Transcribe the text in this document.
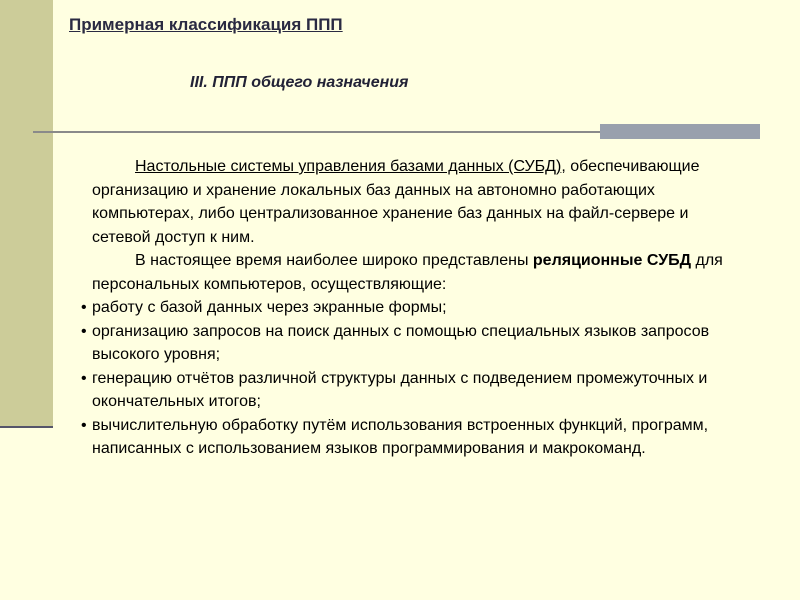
Примерная классификация ППП
III. ППП общего назначения

Настольные системы управления базами данных (СУБД), обеспечивающие организацию и хранение локальных баз данных на автономно работающих компьютерах, либо централизованное хранение баз данных на файл-сервере и сетевой доступ к ним.

В настоящее время наиболее широко представлены реляционные СУБД для персональных компьютеров, осуществляющие:

• работу с базой данных через экранные формы;
• организацию запросов на поиск данных с помощью специальных языков запросов высокого уровня;
• генерацию отчётов различной структуры данных с подведением промежуточных и окончательных итогов;
• вычислительную обработку путём использования встроенных функций, программ, написанных с использованием языков программирования и макрокоманд.
